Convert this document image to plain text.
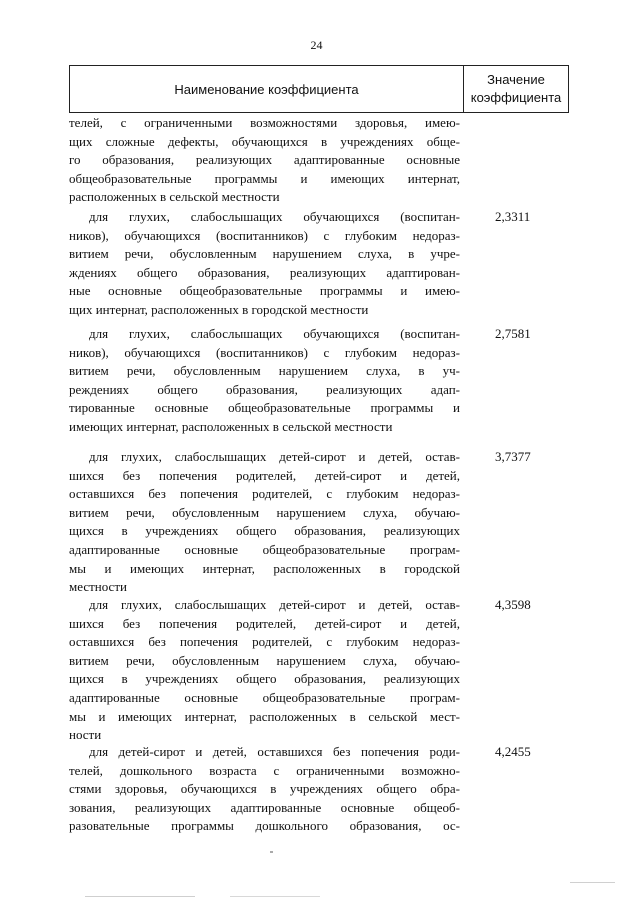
24
Наименование коэффициента
Значение
коэффициента
телей, с ограниченными возможностями здоровья, имею-
щих сложные дефекты, обучающихся в учреждениях обще-
го образования, реализующих адаптированные основные
общеобразовательные программы и имеющих интернат,
расположенных в сельской местности
для глухих, слабослышащих обучающихся (воспитан-
ников), обучающихся (воспитанников) с глубоким недораз-
витием речи, обусловленным нарушением слуха, в учре-
ждениях общего образования, реализующих адаптирован-
ные основные общеобразовательные программы и имею-
щих интернат, расположенных в городской местности
2,3311
для глухих, слабослышащих обучающихся (воспитан-
ников), обучающихся (воспитанников) с глубоким недораз-
витием речи, обусловленным нарушением слуха, в уч-
реждениях общего образования, реализующих адап-
тированные основные общеобразовательные программы и
имеющих интернат, расположенных в сельской местности
2,7581
для глухих, слабослышащих детей-сирот и детей, остав-
шихся без попечения родителей, детей-сирот и детей,
оставшихся без попечения родителей, с глубоким недораз-
витием речи, обусловленным нарушением слуха, обучаю-
щихся в учреждениях общего образования, реализующих
адаптированные основные общеобразовательные програм-
мы и имеющих интернат, расположенных в городской
местности
3,7377
для глухих, слабослышащих детей-сирот и детей, остав-
шихся без попечения родителей, детей-сирот и детей,
оставшихся без попечения родителей, с глубоким недораз-
витием речи, обусловленным нарушением слуха, обучаю-
щихся в учреждениях общего образования, реализующих
адаптированные основные общеобразовательные програм-
мы и имеющих интернат, расположенных в сельской мест-
ности
4,3598
для детей-сирот и детей, оставшихся без попечения роди-
телей, дошкольного возраста с ограниченными возможно-
стями здоровья, обучающихся в учреждениях общего обра-
зования, реализующих адаптированные основные общеоб-
разовательные программы дошкольного образования, ос-
4,2455
